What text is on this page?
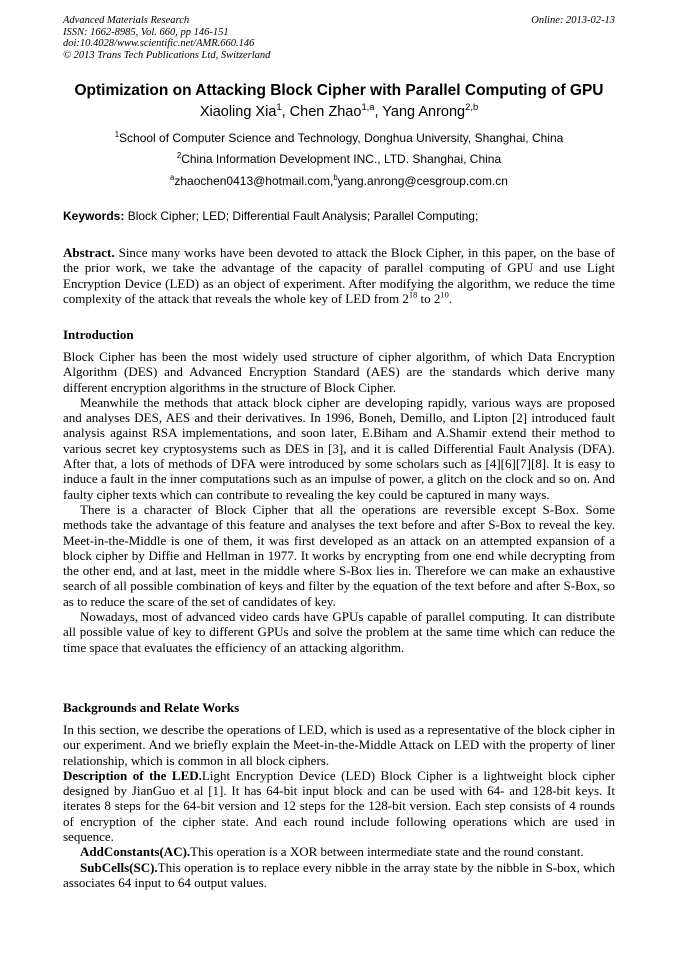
Advanced Materials Research
ISSN: 1662-8985, Vol. 660, pp 146-151
doi:10.4028/www.scientific.net/AMR.660.146
© 2013 Trans Tech Publications Ltd, Switzerland
Online: 2013-02-13
Optimization on Attacking Block Cipher with Parallel Computing of GPU
Xiaoling Xia$^1$, Chen Zhao$^{1,a}$, Yang Anrong$^{2,b}$
$^1$School of Computer Science and Technology, Donghua University, Shanghai, China
$^2$China Information Development INC., LTD. Shanghai, China
$^a$zhaochen0413@hotmail.com,$^b$yang.anrong@cesgroup.com.cn
Keywords: Block Cipher; LED; Differential Fault Analysis; Parallel Computing;

Abstract. Since many works have been devoted to attack the Block Cipher, in this paper, on the base of the prior work, we take the advantage of the capacity of parallel computing of GPU and use Light Encryption Device (LED) as an object of experiment. After modifying the algorithm, we reduce the time complexity of the attack that reveals the whole key of LED from $2^{18}$ to $2^{10}$.

Introduction

Block Cipher has been the most widely used structure of cipher algorithm, of which Data Encryption Algorithm (DES) and Advanced Encryption Standard (AES) are the standards which derive many different encryption algorithms in the structure of Block Cipher.

Meanwhile the methods that attack block cipher are developing rapidly, various ways are proposed and analyses DES, AES and their derivatives. In 1996, Boneh, Demillo, and Lipton [2] introduced fault analysis against RSA implementations, and soon later, E.Biham and A.Shamir extend their method to various secret key cryptosystems such as DES in [3], and it is called Differential Fault Analysis (DFA). After that, a lots of methods of DFA were introduced by some scholars such as [4][6][7][8]. It is easy to induce a fault in the inner computations such as an impulse of power, a glitch on the clock and so on. And faulty cipher texts which can contribute to revealing the key could be captured in many ways.

There is a character of Block Cipher that all the operations are reversible except S-Box. Some methods take the advantage of this feature and analyses the text before and after S-Box to reveal the key. Meet-in-the-Middle is one of them, it was first developed as an attack on an attempted expansion of a block cipher by Diffie and Hellman in 1977. It works by encrypting from one end while decrypting from the other end, and at last, meet in the middle where S-Box lies in. Therefore we can make an exhaustive search of all possible combination of keys and filter by the equation of the text before and after S-Box, so as to reduce the scare of the set of candidates of key.

Nowadays, most of advanced video cards have GPUs capable of parallel computing. It can distribute all possible value of key to different GPUs and solve the problem at the same time which can reduce the time space that evaluates the efficiency of an attacking algorithm.

Backgrounds and Relate Works

In this section, we describe the operations of LED, which is used as a representative of the block cipher in our experiment. And we briefly explain the Meet-in-the-Middle Attack on LED with the property of liner relationship, which is common in all block ciphers.

Description of the LED.Light Encryption Device (LED) Block Cipher is a lightweight block cipher designed by JianGuo et al [1]. It has 64-bit input block and can be used with 64- and 128-bit keys. It iterates 8 steps for the 64-bit version and 12 steps for the 128-bit version. Each step consists of 4 rounds of encryption of the cipher state. And each round include following operations which are used in sequence.

AddConstants(AC).This operation is a XOR between intermediate state and the round constant.

SubCells(SC).This operation is to replace every nibble in the array state by the nibble in S-box, which associates 64 input to 64 output values.
